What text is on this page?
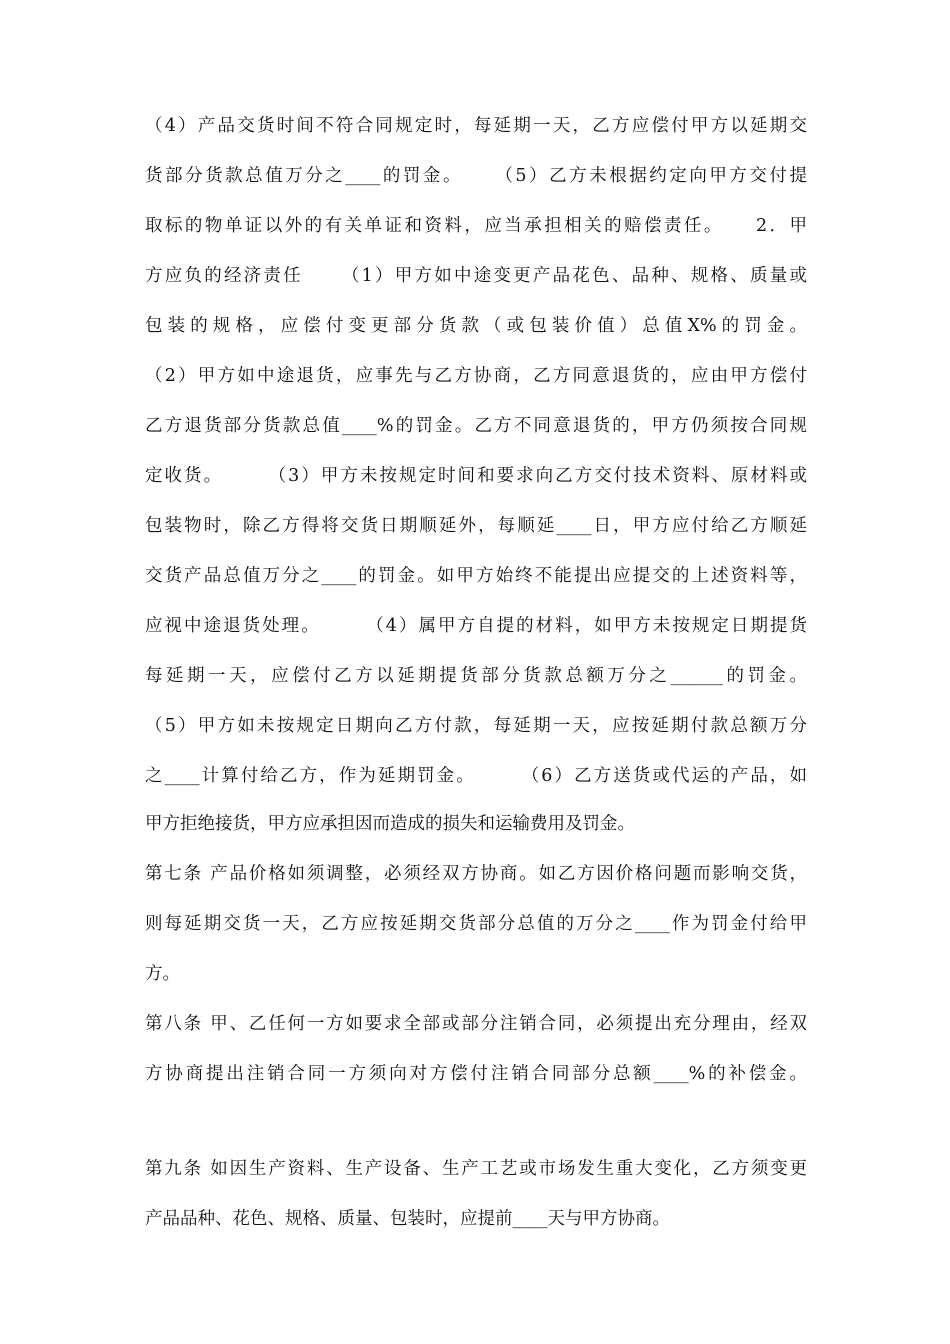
（4）产品交货时间不符合同规定时，每延期一天，乙方应偿付甲方以延期交
货部分货款总值万分之____的罚金。    （5）乙方未根据约定向甲方交付提
取标的物单证以外的有关单证和资料，应当承担相关的赔偿责任。    2．甲
方应负的经济责任     （1）甲方如中途变更产品花色、品种、规格、质量或
包装的规格，应偿付变更部分货款（或包装价值）总值X%的罚金。
（2）甲方如中途退货，应事先与乙方协商，乙方同意退货的，应由甲方偿付
乙方退货部分货款总值____%的罚金。乙方不同意退货的，甲方仍须按合同规
定收货。      （3）甲方未按规定时间和要求向乙方交付技术资料、原材料或
包装物时，除乙方得将交货日期顺延外，每顺延____日，甲方应付给乙方顺延
交货产品总值万分之____的罚金。如甲方始终不能提出应提交的上述资料等，
应视中途退货处理。      （4）属甲方自提的材料，如甲方未按规定日期提货
每延期一天，应偿付乙方以延期提货部分货款总额万分之______的罚金。
（5）甲方如未按规定日期向乙方付款，每延期一天，应按延期付款总额万分
之____计算付给乙方，作为延期罚金。      （6）乙方送货或代运的产品，如
甲方拒绝接货，甲方应承担因而造成的损失和运输费用及罚金。
第七条 产品价格如须调整，必须经双方协商。如乙方因价格问题而影响交货，
则每延期交货一天，乙方应按延期交货部分总值的万分之____作为罚金付给甲
方。
第八条 甲、乙任何一方如要求全部或部分注销合同，必须提出充分理由，经双
方协商提出注销合同一方须向对方偿付注销合同部分总额____%的补偿金。
第九条 如因生产资料、生产设备、生产工艺或市场发生重大变化，乙方须变更
产品品种、花色、规格、质量、包装时，应提前____天与甲方协商。
